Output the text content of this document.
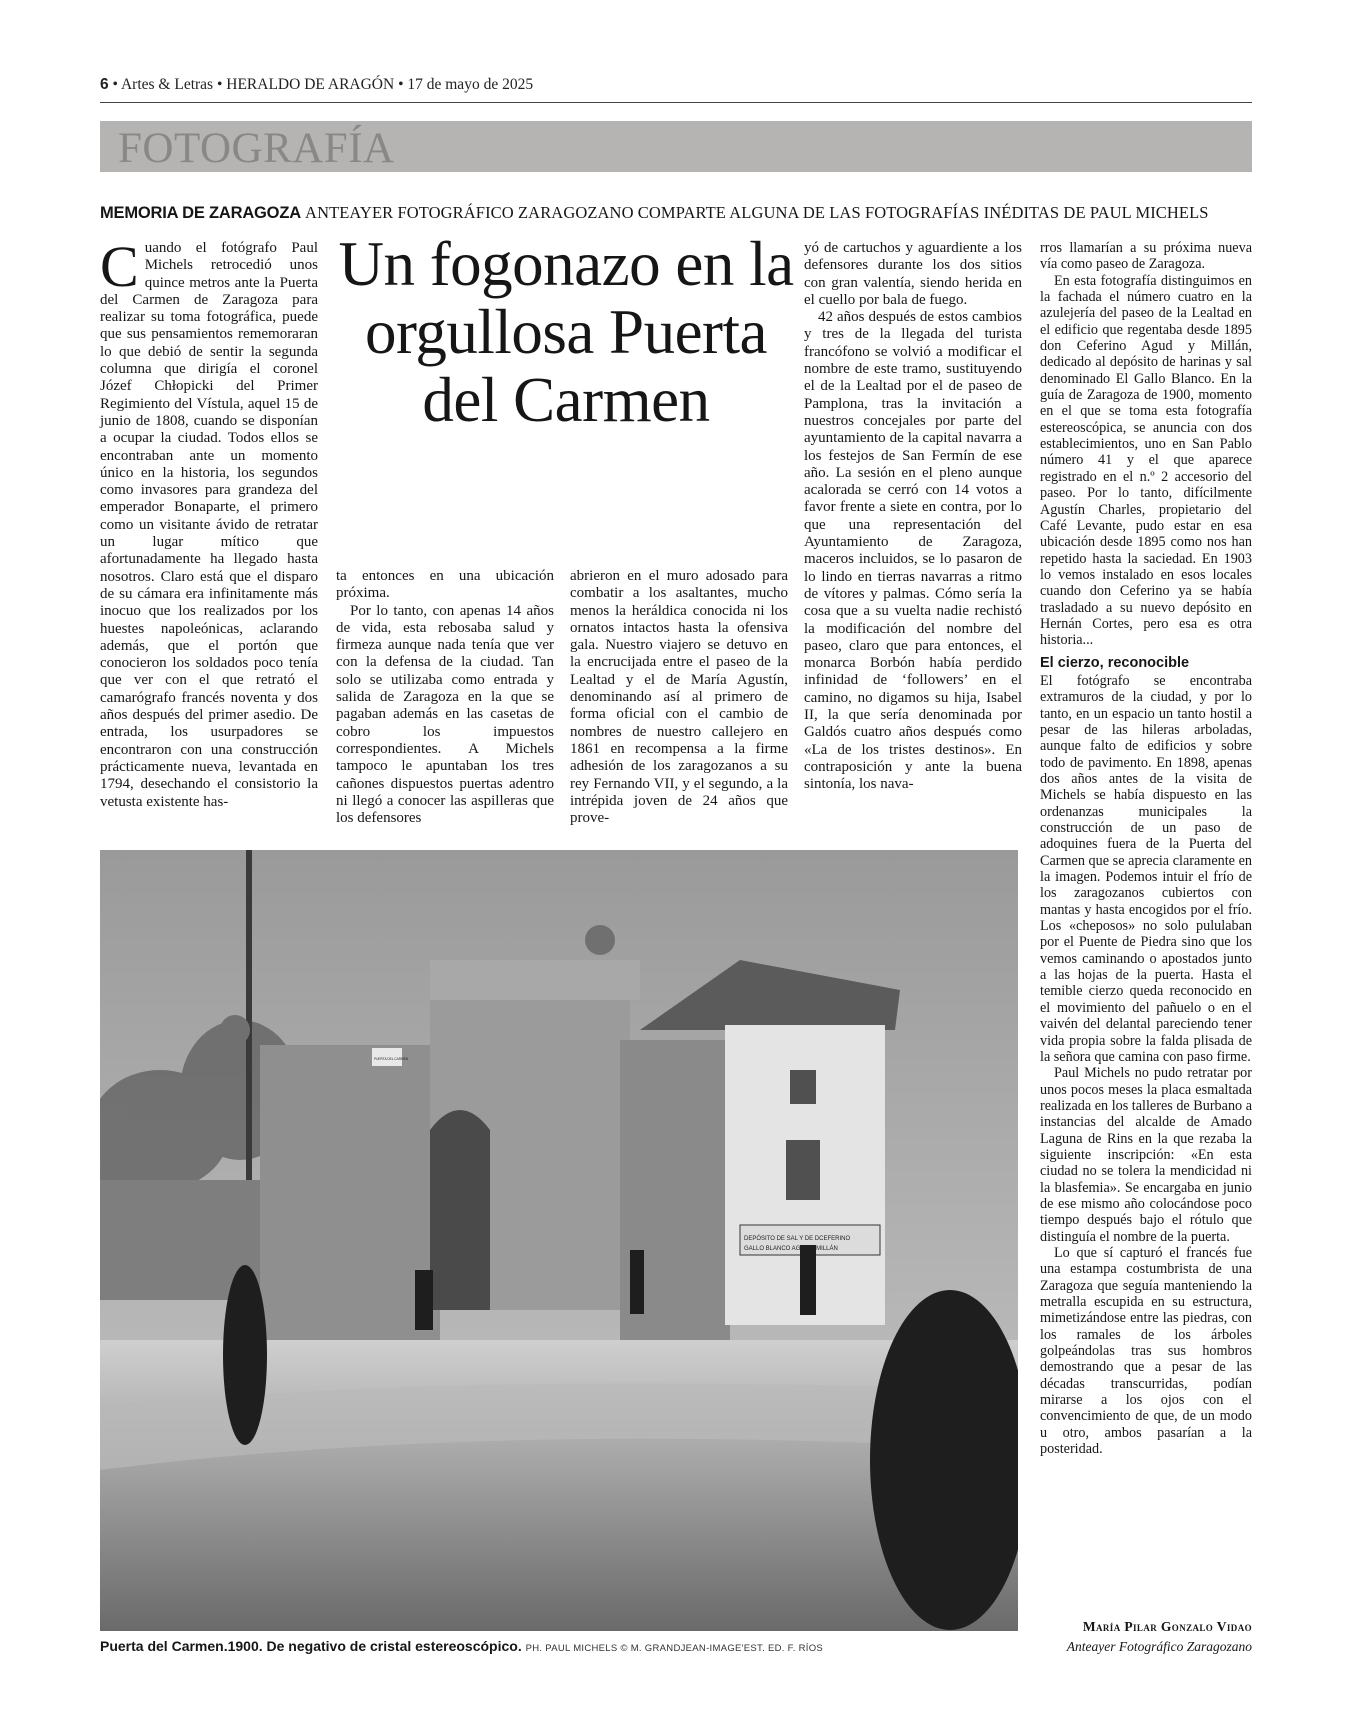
6 • Artes & Letras • HERALDO DE ARAGÓN • 17 de mayo de 2025
FOTOGRAFÍA
MEMORIA DE ZARAGOZA ANTEAYER FOTOGRÁFICO ZARAGOZANO COMPARTE ALGUNA DE LAS FOTOGRAFÍAS INÉDITAS DE PAUL MICHELS
Un fogonazo en la orgullosa Puerta del Carmen

Cuando el fotógrafo Paul Michels retrocedió unos quince metros ante la Puerta del Carmen de Zaragoza para realizar su toma fotográfica, puede que sus pensamientos rememoraran lo que debió de sentir la segunda columna que dirigía el coronel Józef Chłopicki del Primer Regimiento del Vístula, aquel 15 de junio de 1808, cuando se disponían a ocupar la ciudad. Todos ellos se encontraban ante un momento único en la historia, los segundos como invasores para grandeza del emperador Bonaparte, el primero como un visitante ávido de retratar un lugar mítico que afortunadamente ha llegado hasta nosotros. Claro está que el disparo de su cámara era infinitamente más inocuo que los realizados por los huestes napoleónicas, aclarando además, que el portón que conocieron los soldados poco tenía que ver con el que retrató el camarógrafo francés noventa y dos años después del primer asedio. De entrada, los usurpadores se encontraron con una construcción prácticamente nueva, levantada en 1794, desechando el consistorio la vetusta existente has-

ta entonces en una ubicación próxima.

Por lo tanto, con apenas 14 años de vida, esta rebosaba salud y firmeza aunque nada tenía que ver con la defensa de la ciudad. Tan solo se utilizaba como entrada y salida de Zaragoza en la que se pagaban además en las casetas de cobro los impuestos correspondientes. A Michels tampoco le apuntaban los tres cañones dispuestos puertas adentro ni llegó a conocer las aspilleras que los defensores

abrieron en el muro adosado para combatir a los asaltantes, mucho menos la heráldica conocida ni los ornatos intactos hasta la ofensiva gala. Nuestro viajero se detuvo en la encrucijada entre el paseo de la Lealtad y el de María Agustín, denominando así al primero de forma oficial con el cambio de nombres de nuestro callejero en 1861 en recompensa a la firme adhesión de los zaragozanos a su rey Fernando VII, y el segundo, a la intrépida joven de 24 años que prove-

yó de cartuchos y aguardiente a los defensores durante los dos sitios con gran valentía, siendo herida en el cuello por bala de fuego.

42 años después de estos cambios y tres de la llegada del turista francófono se volvió a modificar el nombre de este tramo, sustituyendo el de la Lealtad por el de paseo de Pamplona, tras la invitación a nuestros concejales por parte del ayuntamiento de la capital navarra a los festejos de San Fermín de ese año. La sesión en el pleno aunque acalorada se cerró con 14 votos a favor frente a siete en contra, por lo que una representación del Ayuntamiento de Zaragoza, maceros incluidos, se lo pasaron de lo lindo en tierras navarras a ritmo de vítores y palmas. Cómo sería la cosa que a su vuelta nadie rechistó la modificación del nombre del paseo, claro que para entonces, el monarca Borbón había perdido infinidad de ‘followers’ en el camino, no digamos su hija, Isabel II, la que sería denominada por Galdós cuatro años después como «La de los tristes destinos». En contraposición y ante la buena sintonía, los nava-

rros llamarían a su próxima nueva vía como paseo de Zaragoza.

En esta fotografía distinguimos en la fachada el número cuatro en la azulejería del paseo de la Lealtad en el edificio que regentaba desde 1895 don Ceferino Agud y Millán, dedicado al depósito de harinas y sal denominado El Gallo Blanco. En la guía de Zaragoza de 1900, momento en el que se toma esta fotografía estereoscópica, se anuncia con dos establecimientos, uno en San Pablo número 41 y el que aparece registrado en el n.º 2 accesorio del paseo. Por lo tanto, difícilmente Agustín Charles, propietario del Café Levante, pudo estar en esa ubicación desde 1895 como nos han repetido hasta la saciedad. En 1903 lo vemos instalado en esos locales cuando don Ceferino ya se había trasladado a su nuevo depósito en Hernán Cortes, pero esa es otra historia...

El cierzo, reconocible

El fotógrafo se encontraba extramuros de la ciudad, y por lo tanto, en un espacio un tanto hostil a pesar de las hileras arboladas, aunque falto de edificios y sobre todo de pavimento. En 1898, apenas dos años antes de la visita de Michels se había dispuesto en las ordenanzas municipales la construcción de un paso de adoquines fuera de la Puerta del Carmen que se aprecia claramente en la imagen. Podemos intuir el frío de los zaragozanos cubiertos con mantas y hasta encogidos por el frío. Los «cheposos» no solo pululaban por el Puente de Piedra sino que los vemos caminando o apostados junto a las hojas de la puerta. Hasta el temible cierzo queda reconocido en el movimiento del pañuelo o en el vaivén del delantal pareciendo tener vida propia sobre la falda plisada de la señora que camina con paso firme.

Paul Michels no pudo retratar por unos pocos meses la placa esmaltada realizada en los talleres de Burbano a instancias del alcalde de Amado Laguna de Rins en la que rezaba la siguiente inscripción: «En esta ciudad no se tolera la mendicidad ni la blasfemia». Se encargaba en junio de ese mismo año colocándose poco tiempo después bajo el rótulo que distinguía el nombre de la puerta.

Lo que sí capturó el francés fue una estampa costumbrista de una Zaragoza que seguía manteniendo la metralla escupida en su estructura, mimetizándose entre las piedras, con los ramales de los árboles golpeándolas tras sus hombros demostrando que a pesar de las décadas transcurridas, podían mirarse a los ojos con el convencimiento de que, de un modo u otro, ambos pasarían a la posteridad.

PUERTA DEL CARMEN
DEPÓSITO DE SAL Y DE DCEFERINO
GALLO BLANCO AGUD Y MILLÁN
Puerta del Carmen.1900. De negativo de cristal estereoscópico. PH. PAUL MICHELS © M. GRANDJEAN-IMAGE'EST. ED. F. RÍOS
María Pilar Gonzalo Vidao
Anteayer Fotográfico Zaragozano
